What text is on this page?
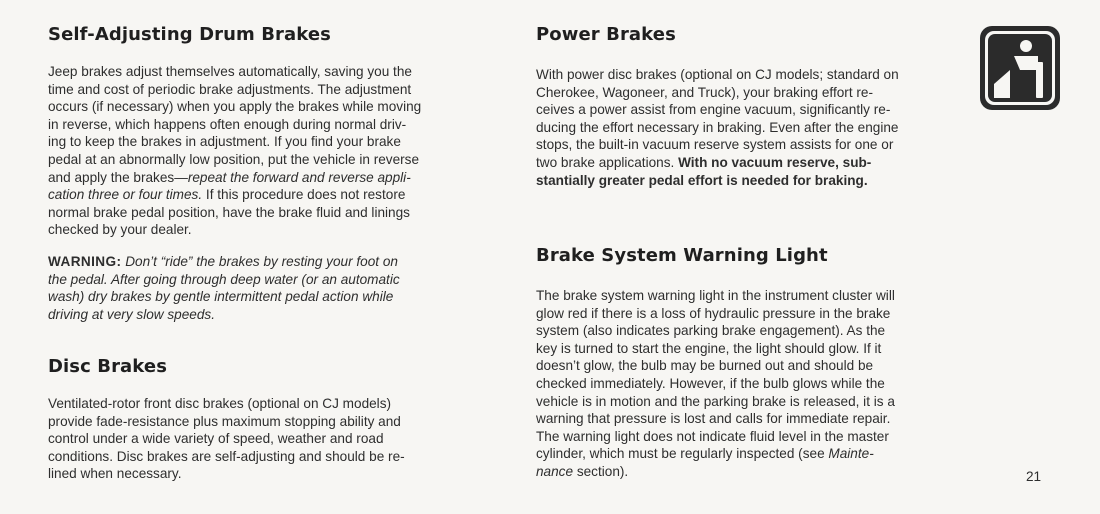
Self-Adjusting Drum Brakes

Jeep brakes adjust themselves automatically, saving you the
time and cost of periodic brake adjustments. The adjustment
occurs (if necessary) when you apply the brakes while moving
in reverse, which happens often enough during normal driv-
ing to keep the brakes in adjustment. If you find your brake
pedal at an abnormally low position, put the vehicle in reverse
and apply the brakes—repeat the forward and reverse appli-
cation three or four times. If this procedure does not restore
normal brake pedal position, have the brake fluid and linings
checked by your dealer.

WARNING: Don’t “ride” the brakes by resting your foot on
the pedal. After going through deep water (or an automatic
wash) dry brakes by gentle intermittent pedal action while
driving at very slow speeds.

Disc Brakes

Ventilated-rotor front disc brakes (optional on CJ models)
provide fade-resistance plus maximum stopping ability and
control under a wide variety of speed, weather and road
conditions. Disc brakes are self-adjusting and should be re-
lined when necessary.

Power Brakes

With power disc brakes (optional on CJ models; standard on
Cherokee, Wagoneer, and Truck), your braking effort re-
ceives a power assist from engine vacuum, significantly re-
ducing the effort necessary in braking. Even after the engine
stops, the built-in vacuum reserve system assists for one or
two brake applications. With no vacuum reserve, sub-
stantially greater pedal effort is needed for braking.

Brake System Warning Light

The brake system warning light in the instrument cluster will
glow red if there is a loss of hydraulic pressure in the brake
system (also indicates parking brake engagement). As the
key is turned to start the engine, the light should glow. If it
doesn’t glow, the bulb may be burned out and should be
checked immediately. However, if the bulb glows while the
vehicle is in motion and the parking brake is released, it is a
warning that pressure is lost and calls for immediate repair.
The warning light does not indicate fluid level in the master
cylinder, which must be regularly inspected (see Mainte-
nance section).	21
